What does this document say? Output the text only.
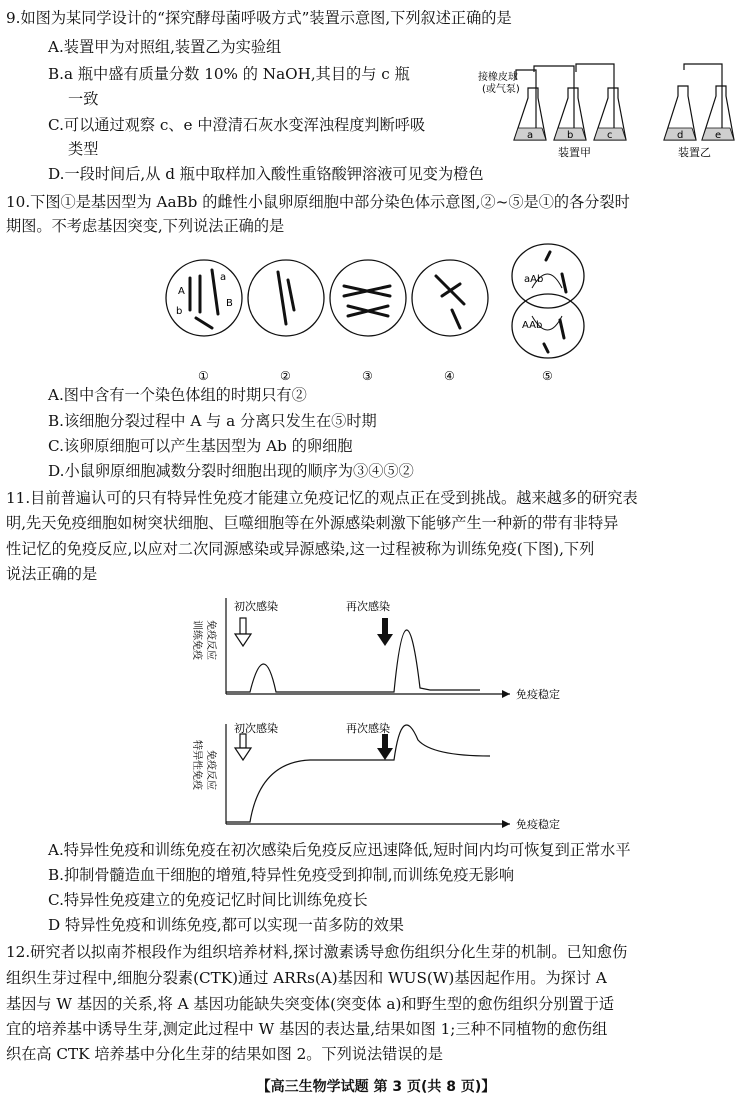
9.如图为某同学设计的“探究酵母菌呼吸方式”装置示意图,下列叙述正确的是
A.装置甲为对照组,装置乙为实验组
B.a 瓶中盛有质量分数 10% 的 NaOH,其目的与 c 瓶
一致
C.可以通过观察 c、e 中澄清石灰水变浑浊程度判断呼吸
类型
D.一段时间后,从 d 瓶中取样加入酸性重铬酸钾溶液可见变为橙色
接橡皮球
(或气泵)
a	b	c	d	e
装置甲	装置乙
10.下图①是基因型为 AaBb 的雌性小鼠卵原细胞中部分染色体示意图,②~⑤是①的各分裂时
期图。不考虑基因突变,下列说法正确的是
A
b
a
B
aAb
AAb
①	②	③	④	⑤
A.图中含有一个染色体组的时期只有②
B.该细胞分裂过程中 A 与 a 分离只发生在⑤时期
C.该卵原细胞可以产生基因型为 Ab 的卵细胞
D.小鼠卵原细胞减数分裂时细胞出现的顺序为③④⑤②
11.目前普遍认可的只有特异性免疫才能建立免疫记忆的观点正在受到挑战。越来越多的研究表
明,先天免疫细胞如树突状细胞、巨噬细胞等在外源感染刺激下能够产生一种新的带有非特异
性记忆的免疫反应,以应对二次同源感染或异源感染,这一过程被称为训练免疫(下图),下列
说法正确的是
初次感染	再次感染
初次感染	再次感染
免疫稳定
免疫稳定
训练免疫 免疫反应
特异性免疫 免疫反应
A.特异性免疫和训练免疫在初次感染后免疫反应迅速降低,短时间内均可恢复到正常水平
B.抑制骨髓造血干细胞的增殖,特异性免疫受到抑制,而训练免疫无影响
C.特异性免疫建立的免疫记忆时间比训练免疫长
D 特异性免疫和训练免疫,都可以实现一苗多防的效果
12.研究者以拟南芥根段作为组织培养材料,探讨激素诱导愈伤组织分化生芽的机制。已知愈伤
组织生芽过程中,细胞分裂素(CTK)通过 ARRs(A)基因和 WUS(W)基因起作用。为探讨 A
基因与 W 基因的关系,将 A 基因功能缺失突变体(突变体 a)和野生型的愈伤组织分别置于适
宜的培养基中诱导生芽,测定此过程中 W 基因的表达量,结果如图 1;三种不同植物的愈伤组
织在高 CTK 培养基中分化生芽的结果如图 2。下列说法错误的是
【高三生物学试题 第 3 页(共 8 页)】
